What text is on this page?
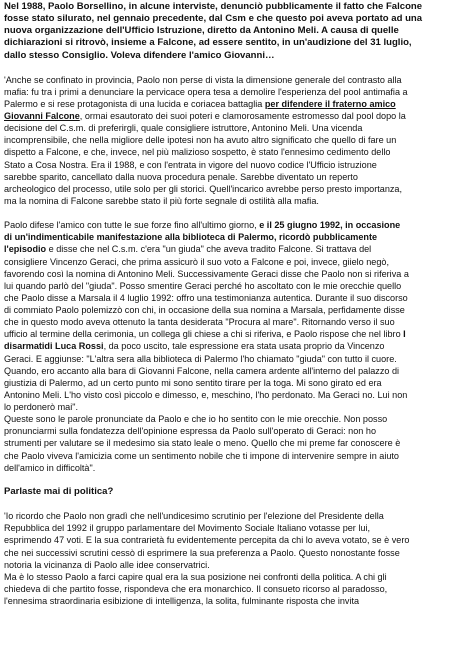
Nel 1988, Paolo Borsellino, in alcune interviste, denunciò pubblicamente il fatto che Falcone
fosse stato silurato, nel gennaio precedente, dal Csm e che questo poi aveva portato ad una
nuova organizzazione dell'Ufficio Istruzione, diretto da Antonino Meli. A causa di quelle
dichiarazioni si ritrovò, insieme a Falcone, ad essere sentito, in un'audizione del 31 luglio,
dallo stesso Consiglio. Voleva difendere l'amico Giovanni…

'Anche se confinato in provincia, Paolo non perse di vista la dimensione generale del contrasto alla
mafia: fu tra i primi a denunciare la pervicace opera tesa a demolire l'esperienza del pool antimafia a
Palermo e si rese protagonista di una lucida e coriacea battaglia per difendere il fraterno amico
Giovanni Falcone, ormai esautorato dei suoi poteri e clamorosamente estromesso dal pool dopo la
decisione del C.s.m. di preferirgli, quale consigliere istruttore, Antonino Meli. Una vicenda
incomprensibile, che nella migliore delle ipotesi non ha avuto altro significato che quello di fare un
dispetto a Falcone, e che, invece, nel più malizioso sospetto, è stato l'ennesimo cedimento dello
Stato a Cosa Nostra. Era il 1988, e con l'entrata in vigore del nuovo codice l'Ufficio istruzione
sarebbe sparito, cancellato dalla nuova procedura penale. Sarebbe diventato un reperto
archeologico del processo, utile solo per gli storici. Quell'incarico avrebbe perso presto importanza,
ma la nomina di Falcone sarebbe stato il più forte segnale di ostilità alla mafia.

Paolo difese l'amico con tutte le sue forze fino all'ultimo giorno, e il 25 giugno 1992, in occasione
di un'indimenticabile manifestazione alla biblioteca di Palermo, ricordò pubblicamente
l'episodio e disse che nel C.s.m. c'era "un giuda" che aveva tradito Falcone. Si trattava del
consigliere Vincenzo Geraci, che prima assicurò il suo voto a Falcone e poi, invece, giielo negò,
favorendo così la nomina di Antonino Meli. Successivamente Geraci disse che Paolo non si riferiva a
lui quando parlò del "giuda". Posso smentire Geraci perché ho ascoltato con le mie orecchie quello
che Paolo disse a Marsala il 4 luglio 1992: offro una testimonianza autentica. Durante il suo discorso
di commiato Paolo polemizzò con chi, in occasione della sua nomina a Marsala, perfidamente disse
che in questo modo aveva ottenuto la tanta desiderata "Procura al mare". Ritornando verso il suo
ufficio al termine della cerimonia, un collega gli chiese a chi si riferiva, e Paolo rispose che nel libro I
disarmatidi Luca Rossi, da poco uscito, tale espressione era stata usata proprio da Vincenzo
Geraci. E aggiunse: "L'altra sera alla biblioteca di Palermo l'ho chiamato "giuda" con tutto il cuore.
Quando, ero accanto alla bara di Giovanni Falcone, nella camera ardente all'interno del palazzo di
giustizia di Palermo, ad un certo punto mi sono sentito tirare per la toga. Mi sono girato ed era
Antonino Meli. L'ho visto così piccolo e dimesso, e, meschino, l'ho perdonato. Ma Geraci no. Lui non
lo perdonerò mai".
Queste sono le parole pronunciate da Paolo e che io ho sentito con le mie orecchie. Non posso
pronunciarmi sulla fondatezza dell'opinione espressa da Paolo sull'operato di Geraci: non ho
strumenti per valutare se il medesimo sia stato leale o meno. Quello che mi preme far conoscere è
che Paolo viveva l'amicizia come un sentimento nobile che ti impone di intervenire sempre in aiuto
dell'amico in difficoltà".

Parlaste mai di politica?

'Io ricordo che Paolo non gradì che nell'undicesimo scrutinio per l'elezione del Presidente della
Repubblica del 1992 il gruppo parlamentare del Movimento Sociale Italiano votasse per lui,
esprimendo 47 voti. E la sua contrarietà fu evidentemente percepita da chi lo aveva votato, se è vero
che nei successivi scrutini cessò di esprimere la sua preferenza a Paolo. Questo nonostante fosse
notoria la vicinanza di Paolo alle idee conservatrici.
Ma è lo stesso Paolo a farci capire qual era la sua posizione nei confronti della politica. A chi gli
chiedeva di che partito fosse, rispondeva che era monarchico. Il consueto ricorso al paradosso,
l'ennesima straordinaria esibizione di intelligenza, la solita, fulminante risposta che invita
